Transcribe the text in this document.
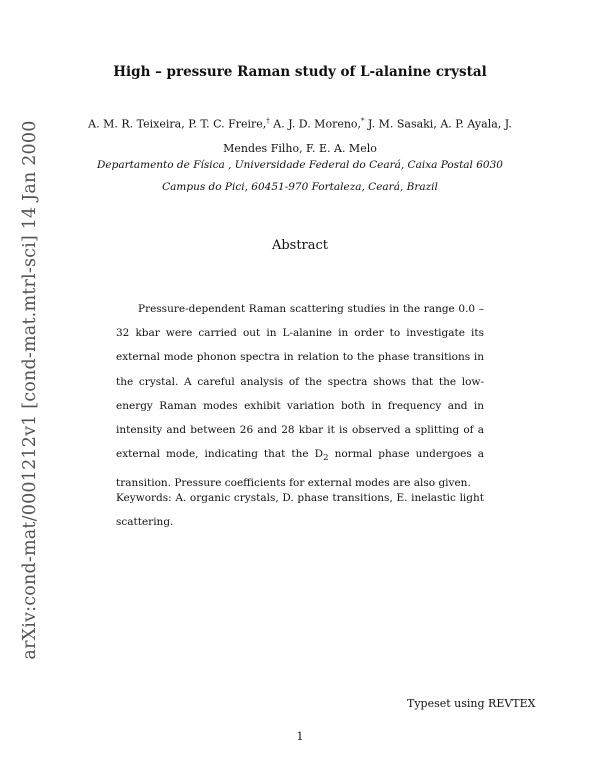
arXiv:cond-mat/0001212v1 [cond-mat.mtrl-sci] 14 Jan 2000
High – pressure Raman study of L-alanine crystal
A. M. R. Teixeira, P. T. C. Freire,† A. J. D. Moreno,* J. M. Sasaki, A. P. Ayala, J. Mendes Filho, F. E. A. Melo
Departamento de Física , Universidade Federal do Ceará, Caixa Postal 6030
Campus do Pici, 60451-970 Fortaleza, Ceará, Brazil
Abstract
Pressure-dependent Raman scattering studies in the range 0.0 – 32 kbar were carried out in L-alanine in order to investigate its external mode phonon spectra in relation to the phase transitions in the crystal. A careful analysis of the spectra shows that the low-energy Raman modes exhibit variation both in frequency and in intensity and between 26 and 28 kbar it is observed a splitting of a external mode, indicating that the $D_2$ normal phase undergoes a transition. Pressure coefficients for external modes are also given.
Keywords: A. organic crystals, D. phase transitions, E. inelastic light scattering.
Typeset using REVTEX
1
